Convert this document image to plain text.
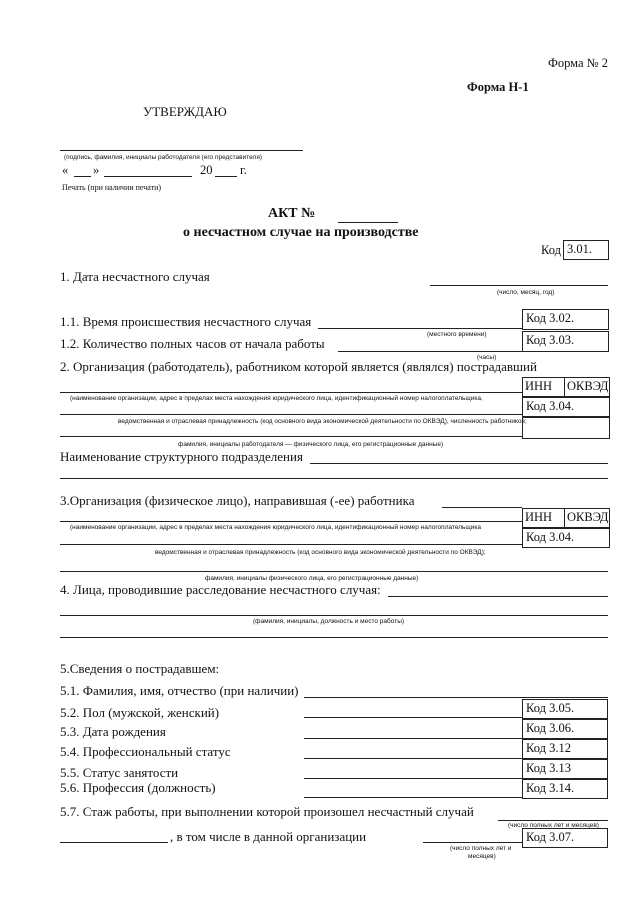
Форма № 2
Форма Н-1
УТВЕРЖДАЮ
(подпись, фамилия, инициалы работодателя (его представителя)
« »	20 г.
Печать (при наличии печати)
АКТ №
о несчастном случае на производстве
Код 3.01.
1. Дата несчастного случая
(число, месяц, год)
1.1. Время происшествия несчастного случая	Код 3.02.
(местного времени)
1.2. Количество полных часов от начала работы	Код 3.03.
(часы)
2. Организация (работодатель), работником которой является (являлся) пострадавший
ИНН ОКВЭД
(наименование организации, адрес в пределах места нахождения юридического лица, идентификационный номер налогоплательщика,
Код 3.04.
ведомственная и отраслевая принадлежность (код основного вида экономической деятельности по ОКВЭД), численность работников;
фамилия, инициалы работодателя — физического лица, его регистрационные данные)
Наименование структурного подразделения
3.Организация (физическое лицо), направившая (-ее) работника
ИНН ОКВЭД
(наименование организации, адрес в пределах места нахождения юридического лица, идентификационный номер налогоплательщика
Код 3.04.
ведомственная и отраслевая принадлежность (код основного вида экономической деятельности по ОКВЭД);
фамилия, инициалы физического лица, его регистрационные данные)
4. Лица, проводившие расследование несчастного случая:
(фамилия, инициалы, должность и место работы)
5.Сведения о пострадавшем:
5.1. Фамилия, имя, отчество (при наличии)
5.2. Пол (мужской, женский)	Код 3.05.
5.3. Дата рождения	Код 3.06.
5.4. Профессиональный статус	Код 3.12
5.5. Статус занятости	Код 3.13
5.6. Профессия (должность)	Код 3.14.
5.7. Стаж работы, при выполнении которой произошел несчастный случай
(число полных лет и месяцев)
, в том числе в данной организации	Код 3.07.
(число полных лет и
месяцев)
